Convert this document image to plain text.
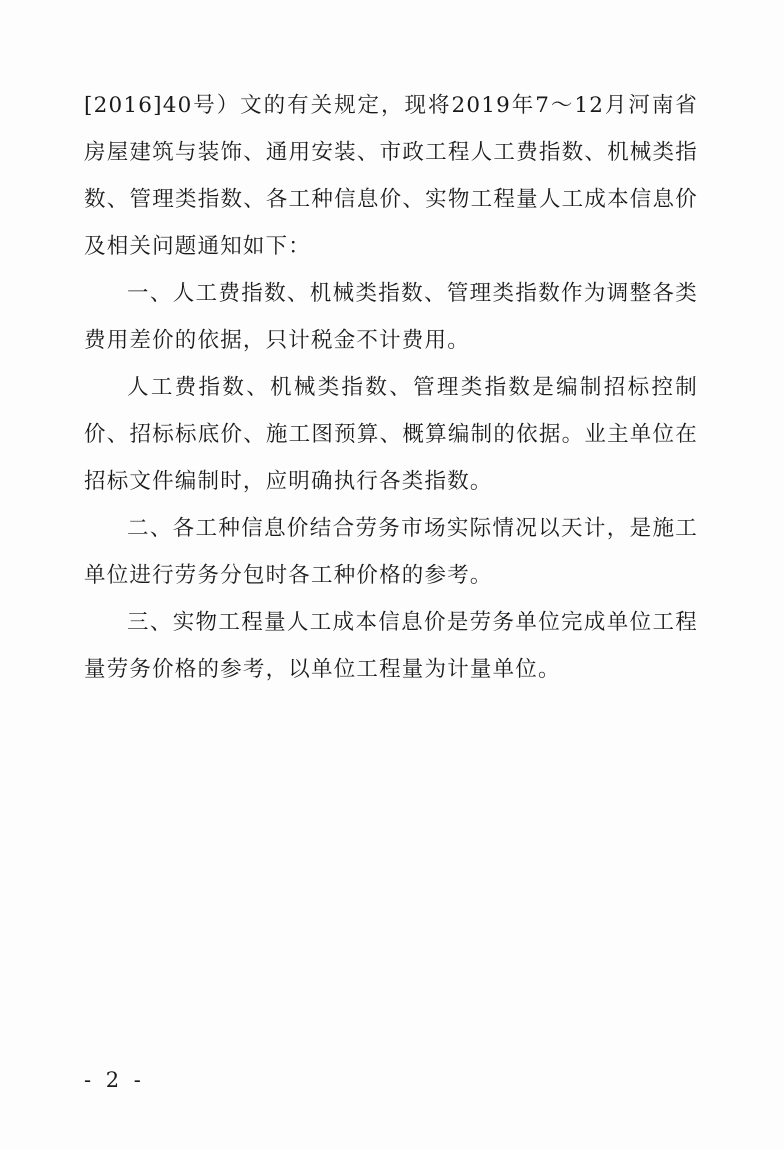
[2016]40号）文的有关规定，现将2019年7～12月河南省房屋建筑与装饰、通用安装、市政工程人工费指数、机械类指数、管理类指数、各工种信息价、实物工程量人工成本信息价及相关问题通知如下：

一、人工费指数、机械类指数、管理类指数作为调整各类费用差价的依据，只计税金不计费用。

人工费指数、机械类指数、管理类指数是编制招标控制价、招标标底价、施工图预算、概算编制的依据。业主单位在招标文件编制时，应明确执行各类指数。

二、各工种信息价结合劳务市场实际情况以天计，是施工单位进行劳务分包时各工种价格的参考。

三、实物工程量人工成本信息价是劳务单位完成单位工程量劳务价格的参考，以单位工程量为计量单位。

- 2 -
